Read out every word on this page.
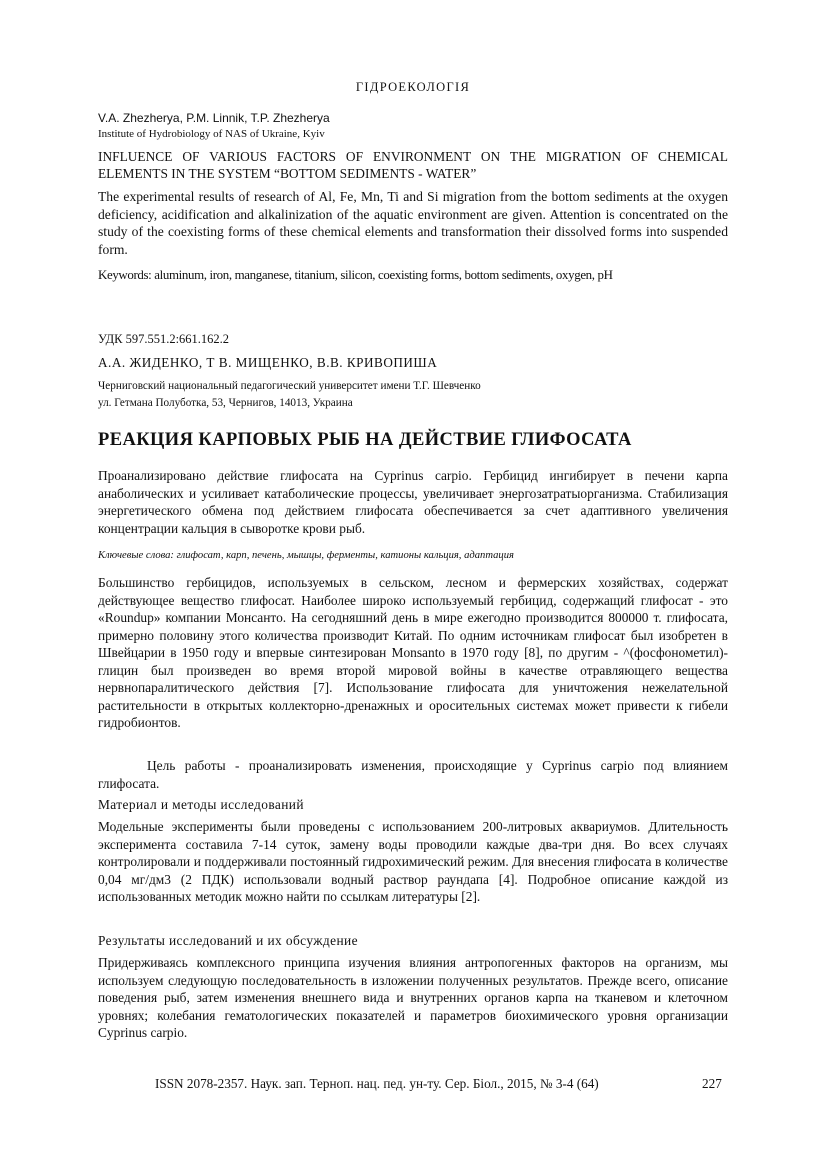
ГІДРОЕКОЛОГІЯ
V.A. Zhezherya, P.M. Linnik, T.P. Zhezherya
Institute of Hydrobiology of NAS of Ukraine, Kyiv
INFLUENCE OF VARIOUS FACTORS OF ENVIRONMENT ON THE MIGRATION OF CHEMICAL ELEMENTS IN THE SYSTEM “BOTTOM SEDIMENTS - WATER”
The experimental results of research of Al, Fe, Mn, Ti and Si migration from the bottom sediments at the oxygen deficiency, acidification and alkalinization of the aquatic environment are given. Attention is concentrated on the study of the coexisting forms of these chemical elements and transformation their dissolved forms into suspended form.
Keywords: aluminum, iron, manganese, titanium, silicon, coexisting forms, bottom sediments, oxygen, pH
УДК 597.551.2:661.162.2
А.А. ЖИДЕНКО, Т В. МИЩЕНКО, В.В. КРИВОПИША
Черниговский национальный педагогический университет имени Т.Г. Шевченко
ул. Гетмана Полуботка, 53, Чернигов, 14013, Украина
РЕАКЦИЯ КАРПОВЫХ РЫБ НА ДЕЙСТВИЕ ГЛИФОСАТА
Проанализировано действие глифосата на Cyprinus carpio. Гербицид ингибирует в печени карпа анаболических и усиливает катаболические процессы, увеличивает энергозатратыорганизма. Стабилизация энергетического обмена под действием глифосата обеспечивается за счет адаптивного увеличения концентрации кальция в сыворотке крови рыб.
Ключевые слова: глифосат, карп, печень, мышцы, ферменты, катионы кальция, адаптация
Большинство гербицидов, используемых в сельском, лесном и фермерских хозяйствах, содержат действующее вещество глифосат. Наиболее широко используемый гербицид, содержащий глифосат - это «Roundup» компании Монсанто. На сегодняшний день в мире ежегодно производится 800000 т. глифосата, примерно половину этого количества производит Китай. По одним источникам глифосат был изобретен в Швейцарии в 1950 году и впервые синтезирован Monsanto в 1970 году [8], по другим - ^(фосфонометил)-глицин был произведен во время второй мировой войны в качестве отравляющего вещества нервнопаралитического действия [7]. Использование глифосата для уничтожения нежелательной растительности в открытых коллекторно-дренажных и оросительных системах может привести к гибели гидробионтов.
Цель работы - проанализировать изменения, происходящие у Cyprinus carpio под влиянием глифосата.
Материал и методы исследований
Модельные эксперименты были проведены с использованием 200-литровых аквариумов. Длительность эксперимента составила 7-14 суток, замену воды проводили каждые два-три дня. Во всех случаях контролировали и поддерживали постоянный гидрохимический режим. Для внесения глифосата в количестве 0,04 мг/дм3 (2 ПДК) использовали водный раствор раундапа [4]. Подробное описание каждой из использованных методик можно найти по ссылкам литературы [2].
Результаты исследований и их обсуждение
Придерживаясь комплексного принципа изучения влияния антропогенных факторов на организм, мы используем следующую последовательность в изложении полученных результатов. Прежде всего, описание поведения рыб, затем изменения внешнего вида и внутренних органов карпа на тканевом и клеточном уровнях; колебания гематологических показателей и параметров биохимического уровня организации Cyprinus carpio.
ISSN 2078-2357. Наук. зап. Терноп. нац. пед. ун-ту. Сер. Біол., 2015, № 3-4 (64)	227
